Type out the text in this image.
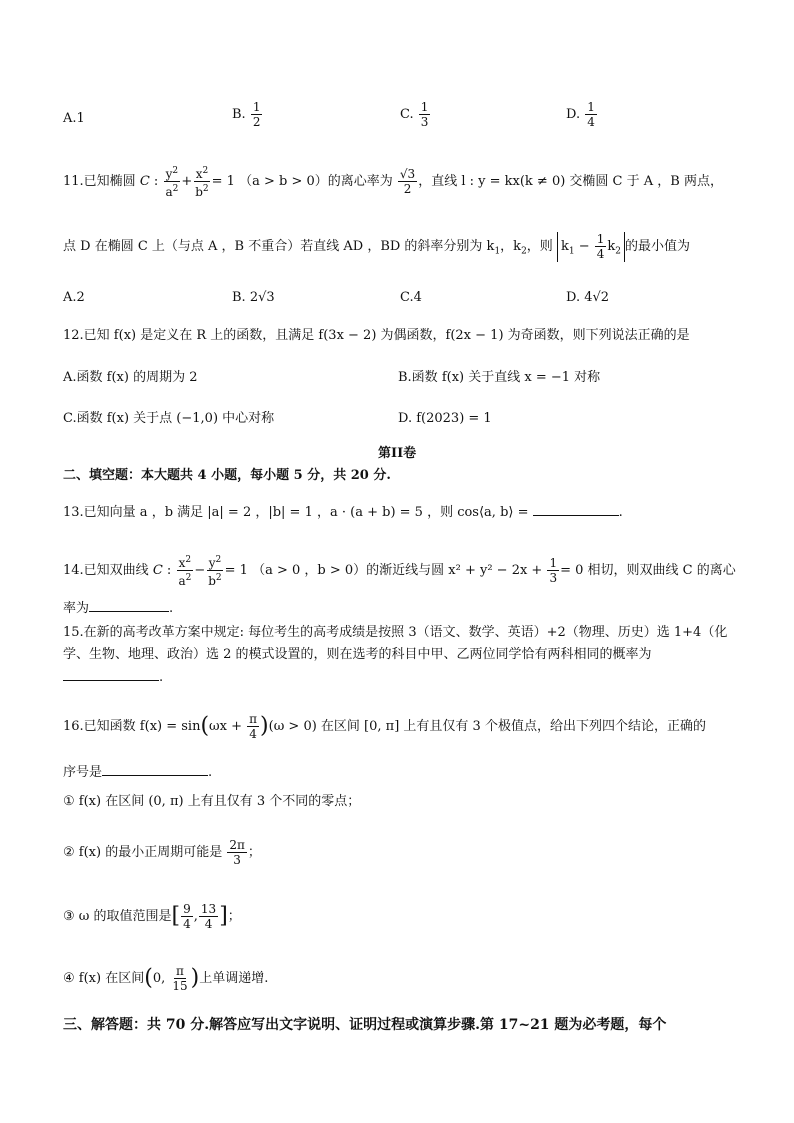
A.1	B. $\frac{1}{2}$	C. $\frac{1}{3}$	D. $\frac{1}{4}$
11.已知椭圆 C : $\frac{y^2}{a^2} + \frac{x^2}{b^2} = 1$ （a > b > 0）的离心率为 $\frac{√3}{2}$ ，直线 l : y = kx(k ≠ 0) 交椭圆 C 于 A ，B 两点，
点 D 在椭圆 C 上（与点 A ，B 不重合）若直线 AD ，BD 的斜率分别为 $k_1$，$k_2$，则 $k_1 - \frac{1}{4} k_2$ 的最小值为
A.2	B. 2√3	C.4	D. 4√2
12.已知 f(x) 是定义在 R 上的函数，且满足 f(3x − 2) 为偶函数，f(2x − 1) 为奇函数，则下列说法正确的是
A.函数 f(x) 的周期为 2	B.函数 f(x) 关于直线 x = −1 对称
C.函数 f(x) 关于点 (−1,0) 中心对称	D. f(2023) = 1
第II卷
二、填空题：本大题共 4 小题，每小题 5 分，共 20 分.
13.已知向量 a ，b 满足 |a| = 2 ，|b| = 1 ，a · (a + b) = 5 ，则 cos⟨a, b⟩ =	.
14.已知双曲线 C : $\frac{x^2}{a^2} - \frac{y^2}{b^2} = 1$ （a > 0 ，b > 0）的渐近线与圆 $x^2 + y^2 - 2x + \frac{1}{3} = 0$ 相切，则双曲线 C 的离心
率为	.
15.在新的高考改革方案中规定: 每位考生的高考成绩是按照 3（语文、数学、英语）+2（物理、历史）选 1+4（化学、生物、地理、政治）选 2 的模式设置的，则在选考的科目中甲、乙两位同学恰有两科相同的概率为
.
16.已知函数 $f(x) = \sin(\omega x + \frac{\pi}{4} )(\omega > 0)$ 在区间 [0, π] 上有且仅有 3 个极值点，给出下列四个结论，正确的
序号是	.
① f(x) 在区间 (0, π) 上有且仅有 3 个不同的零点；
② f(x) 的最小正周期可能是 $\frac{2\pi}{3}$ ；
③ ω 的取值范围是[ $\frac{9}{4}$ , $\frac{13}{4}$ ]；
④ f(x) 在区间(0, $\frac{\pi}{15}$ )上单调递增.
三、解答题：共 70 分.解答应写出文字说明、证明过程或演算步骤.第 17~21 题为必考题，每个
